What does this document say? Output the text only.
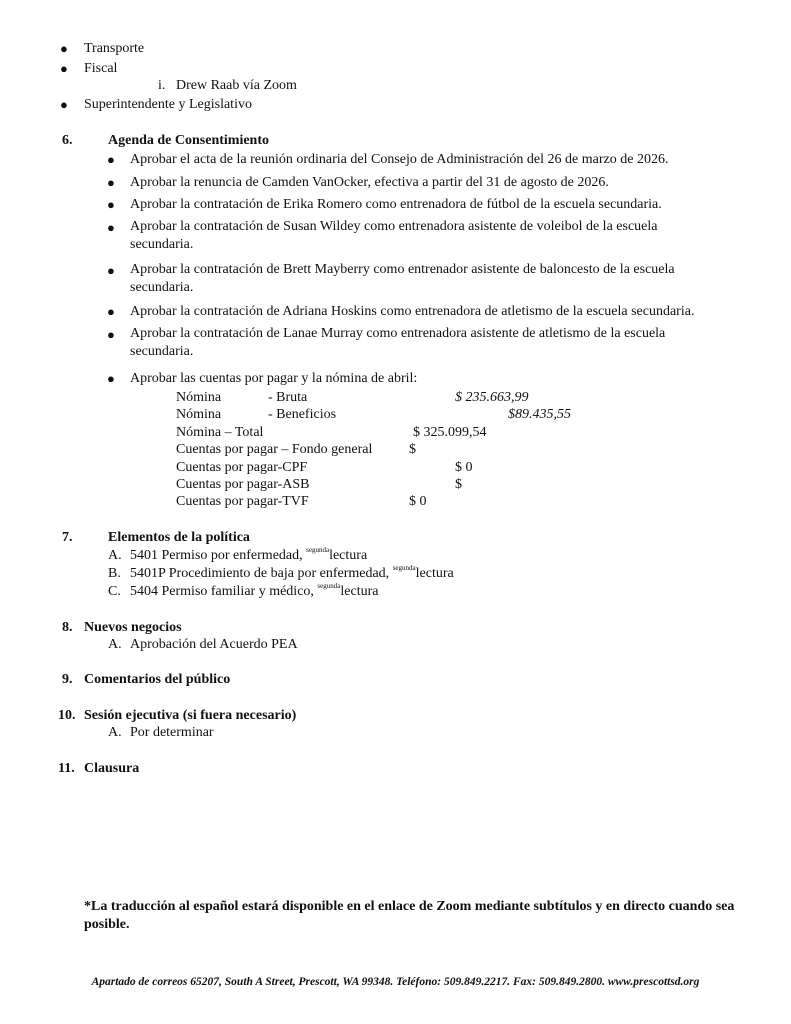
● Transporte
● Fiscal
i. Drew Raab vía Zoom
● Superintendente y Legislativo
6.	Agenda de Consentimiento
● Aprobar el acta de la reunión ordinaria del Consejo de Administración del 26 de marzo de 2026.
● Aprobar la renuncia de Camden VanOcker, efectiva a partir del 31 de agosto de 2026.
● Aprobar la contratación de Erika Romero como entrenadora de fútbol de la escuela secundaria.
● Aprobar la contratación de Susan Wildey como entrenadora asistente de voleibol de la escuela secundaria.
● Aprobar la contratación de Brett Mayberry como entrenador asistente de baloncesto de la escuela secundaria.
● Aprobar la contratación de Adriana Hoskins como entrenadora de atletismo de la escuela secundaria.
● Aprobar la contratación de Lanae Murray como entrenadora asistente de atletismo de la escuela secundaria.
● Aprobar las cuentas por pagar y la nómina de abril:
Nómina	- Bruta	$ 235.663,99
Nómina	- Beneficios	$89.435,55
Nómina – Total	$ 325.099,54
Cuentas por pagar – Fondo general	$
Cuentas por pagar-CPF	$ 0
Cuentas por pagar-ASB	$
Cuentas por pagar-TVF	$ 0
7.	Elementos de la política
A. 5401 Permiso por enfermedad, $^{segunda}$lectura
B. 5401P Procedimiento de baja por enfermedad, $^{segunda}$lectura
C. 5404 Permiso familiar y médico, $^{segunda}$lectura
8. Nuevos negocios
A. Aprobación del Acuerdo PEA
9. Comentarios del público
10. Sesión ejecutiva (si fuera necesario)
A. Por determinar
11. Clausura
*La traducción al español estará disponible en el enlace de Zoom mediante subtítulos y en directo cuando sea posible.
Apartado de correos 65207, South A Street, Prescott, WA 99348. Teléfono: 509.849.2217. Fax: 509.849.2800. www.prescottsd.org
